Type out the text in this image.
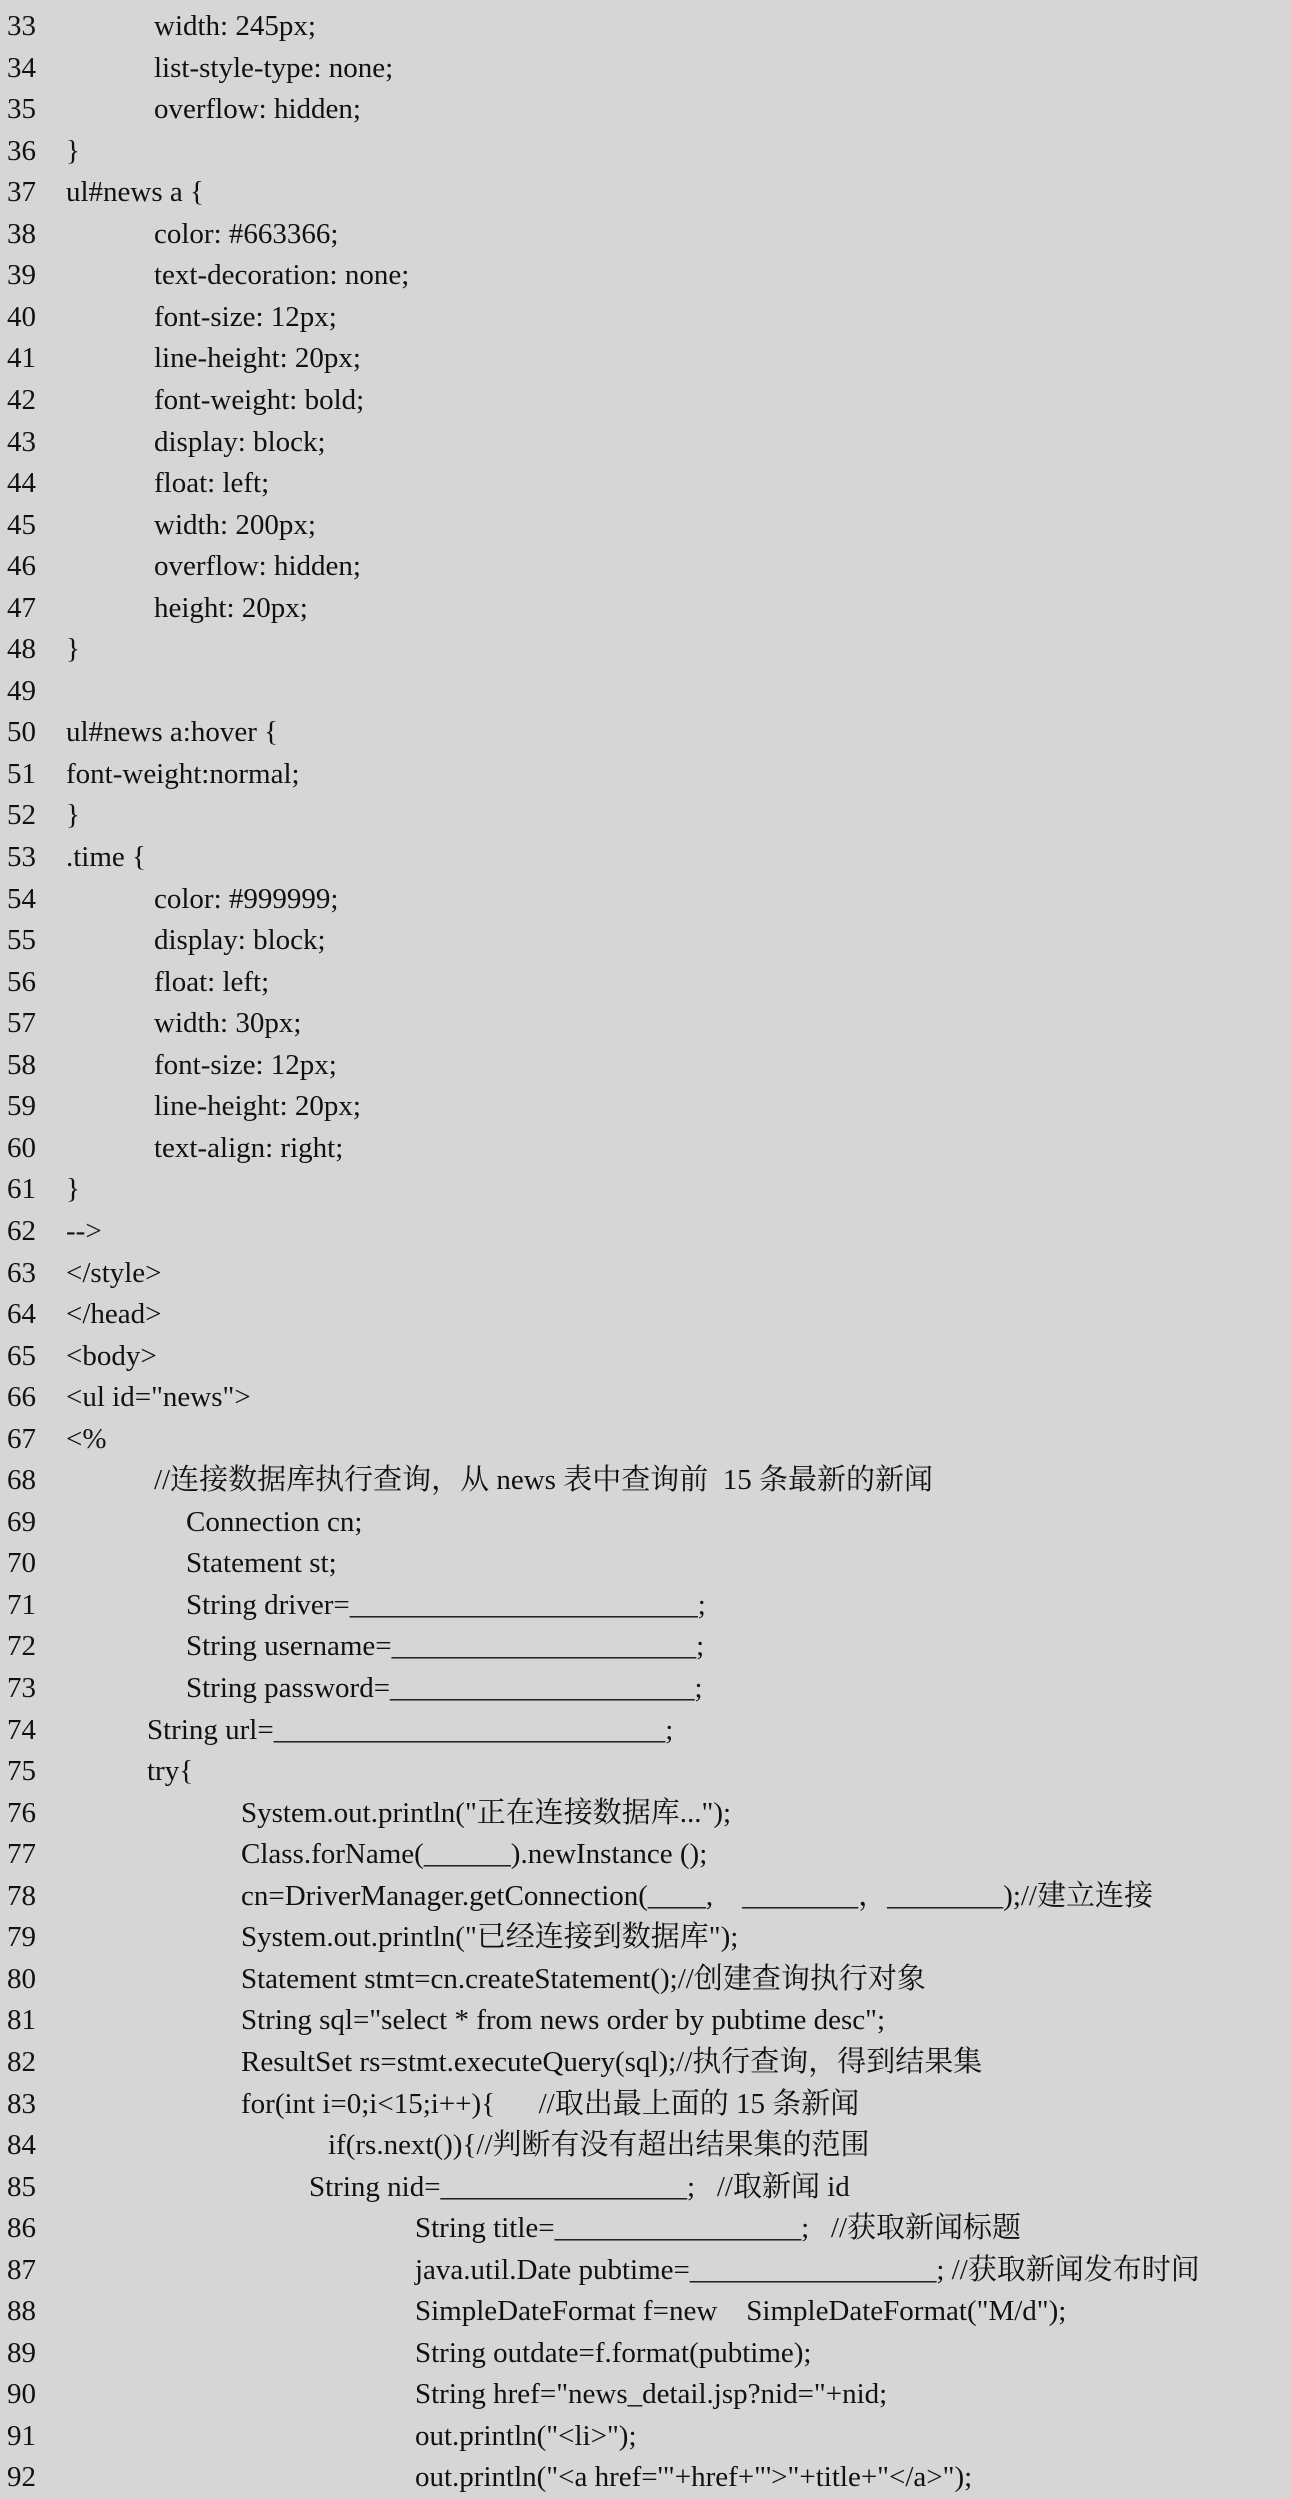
33	width: 245px;
34	list-style-type: none;
35	overflow: hidden;
36 }
37 ul#news a {
38	color: #663366;
39	text-decoration: none;
40	font-size: 12px;
41	line-height: 20px;
42	font-weight: bold;
43	display: block;
44	float: left;
45	width: 200px;
46	overflow: hidden;
47	height: 20px;
48 }
49
50 ul#news a:hover {
51 font-weight:normal;
52 }
53 .time {
54	color: #999999;
55	display: block;
56	float: left;
57	width: 30px;
58	font-size: 12px;
59	line-height: 20px;
60	text-align: right;
61 }
62 -->
63 </style>
64 </head>
65 <body>
66 <ul id="news">
67 <%
68	//连接数据库执行查询，从 news 表中查询前  15 条最新的新闻
69	Connection cn;
70	Statement st;
71	String driver=________________________;
72	String username=_____________________;
73	String password=_____________________;
74	String url=___________________________;
75	try{
76	System.out.println("正在连接数据库...");
77	Class.forName(______).newInstance ();
78	cn=DriverManager.getConnection(____,    ________，________);//建立连接
79	System.out.println("已经连接到数据库");
80	Statement stmt=cn.createStatement();//创建查询执行对象
81	String sql="select * from news order by pubtime desc";
82	ResultSet rs=stmt.executeQuery(sql);//执行查询，得到结果集
83	for(int i=0;i<15;i++){      //取出最上面的 15 条新闻
84	if(rs.next()){//判断有没有超出结果集的范围
85	String nid=_________________;   //取新闻 id
86	String title=_________________;   //获取新闻标题
87	java.util.Date pubtime=_________________; //获取新闻发布时间
88	SimpleDateFormat f=new    SimpleDateFormat("M/d");
89	String outdate=f.format(pubtime);
90	String href="news_detail.jsp?nid="+nid;
91	out.println("<li>");
92	out.println("<a href='"+href+"'>"+title+"</a>");
